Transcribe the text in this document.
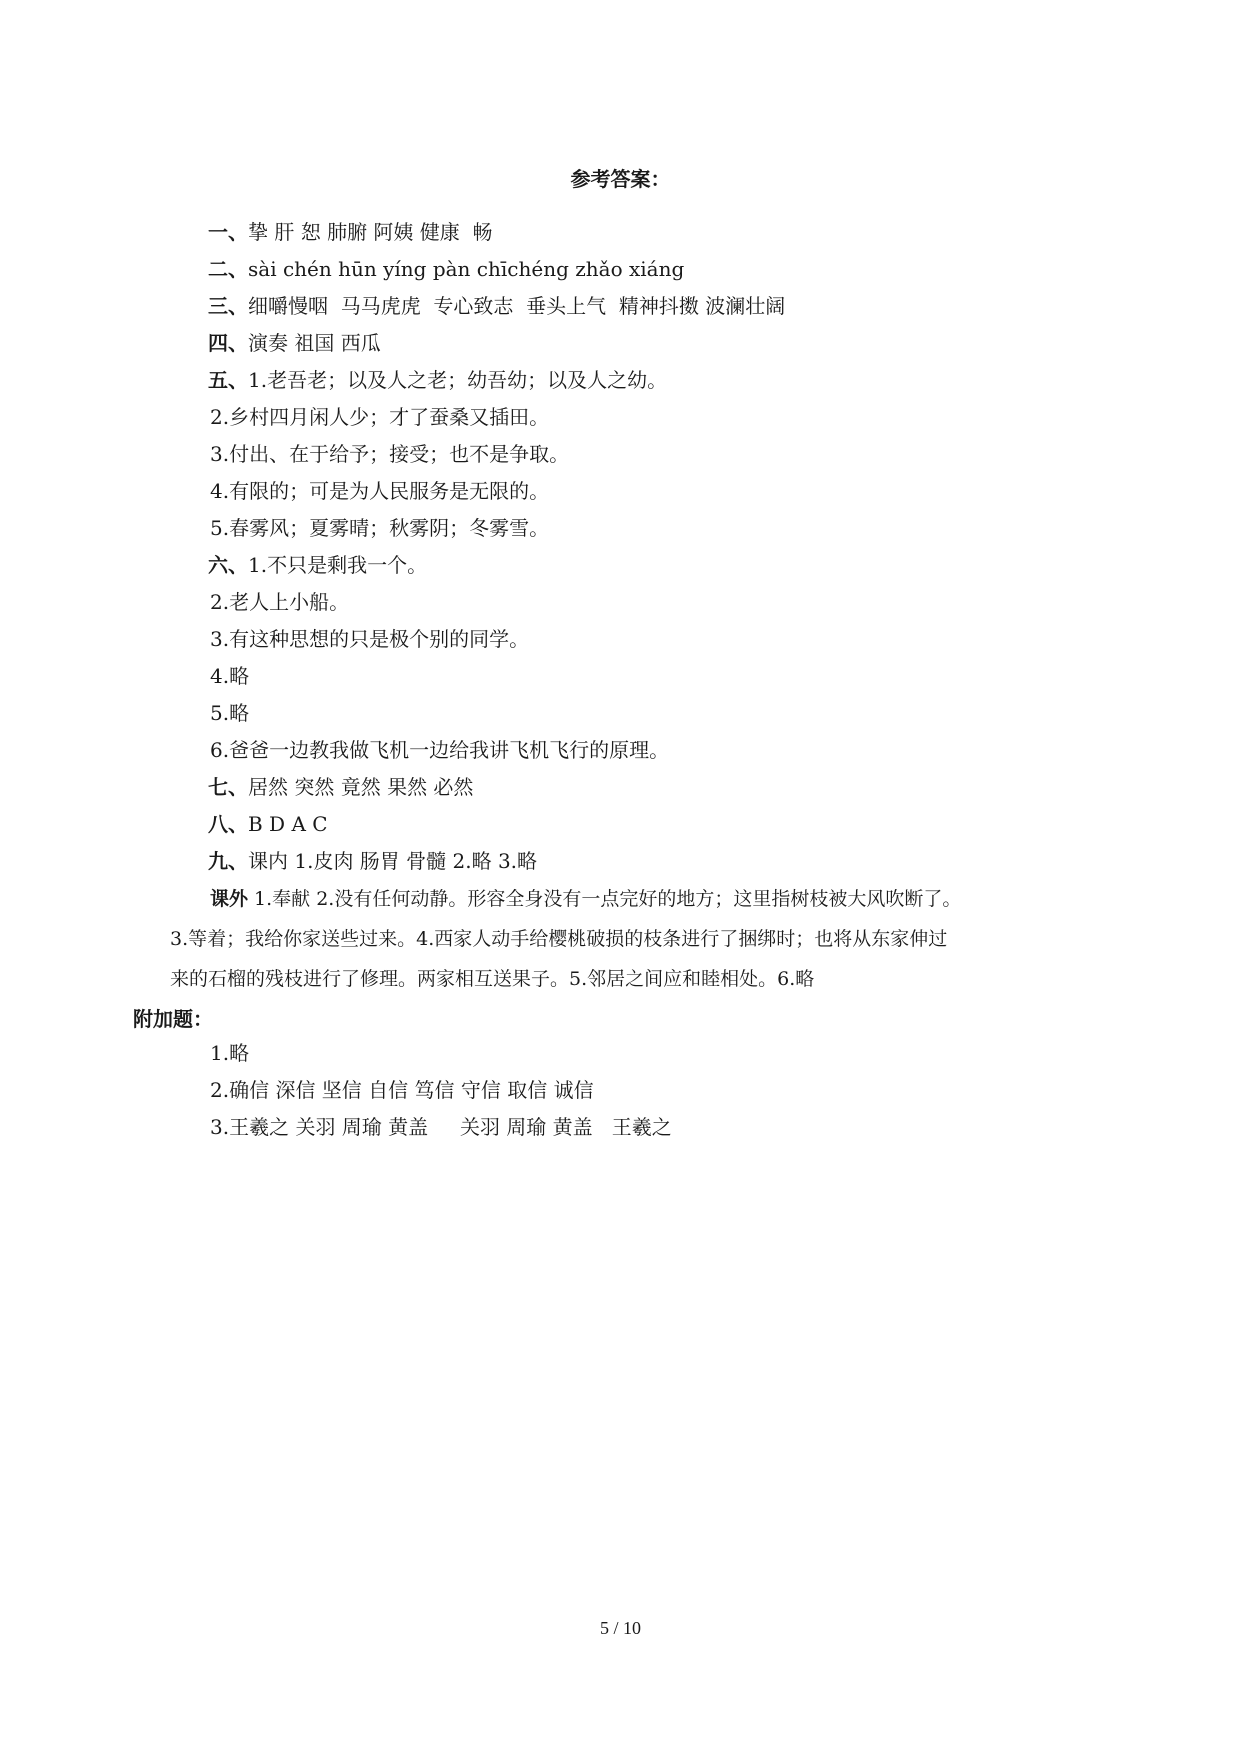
参考答案：
一、挚 肝 恕 肺腑 阿姨 健康  畅
二、sài chén hūn yíng pàn chīchéng zhǎo xiáng
三、细嚼慢咽  马马虎虎  专心致志  垂头上气  精神抖擞 波澜壮阔
四、演奏 祖国 西瓜
五、1.老吾老；以及人之老；幼吾幼；以及人之幼。
2.乡村四月闲人少；才了蚕桑又插田。
3.付出、在于给予；接受；也不是争取。
4.有限的；可是为人民服务是无限的。
5.春雾风；夏雾晴；秋雾阴；冬雾雪。
六、1.不只是剩我一个。
2.老人上小船。
3.有这种思想的只是极个别的同学。
4.略
5.略
6.爸爸一边教我做飞机一边给我讲飞机飞行的原理。
七、居然 突然 竟然 果然 必然
八、B D A C
九、课内 1.皮肉 肠胃 骨髓 2.略 3.略
课外 1.奉献 2.没有任何动静。形容全身没有一点完好的地方；这里指树枝被大风吹断了。
3.等着；我给你家送些过来。4.西家人动手给樱桃破损的枝条进行了捆绑时；也将从东家伸过
来的石榴的残枝进行了修理。两家相互送果子。5.邻居之间应和睦相处。6.略
附加题：
1.略
2.确信 深信 坚信 自信 笃信 守信 取信 诚信
3.王羲之 关羽 周瑜 黄盖     关羽 周瑜 黄盖   王羲之
5 / 10
